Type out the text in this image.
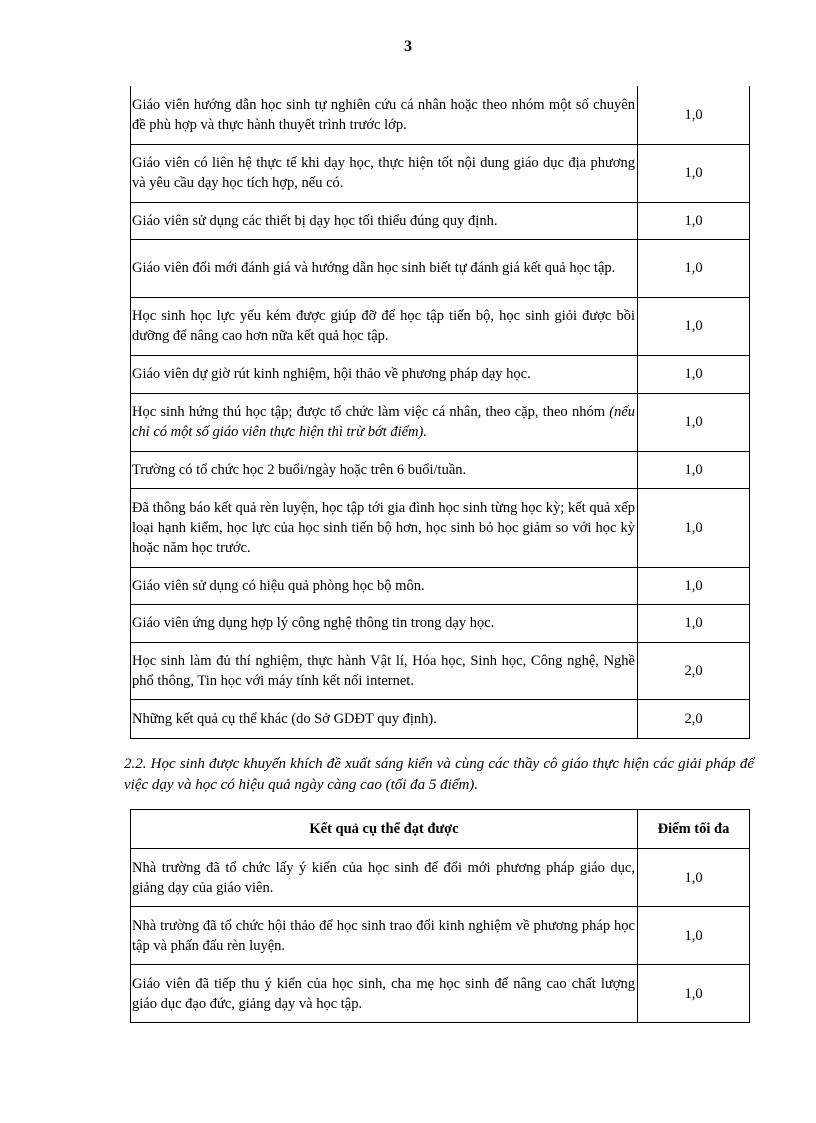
3
Giáo viên hướng dẫn học sinh tự nghiên cứu cá nhân hoặc theo nhóm một số chuyên đề phù hợp và thực hành thuyết trình trước lớp.	1,0
Giáo viên có liên hệ thực tế khi dạy học, thực hiện tốt nội dung giáo dục địa phương và yêu cầu dạy học tích hợp, nếu có.	1,0
Giáo viên sử dụng các thiết bị dạy học tối thiểu đúng quy định.	1,0
Giáo viên đổi mới đánh giá và hướng dẫn học sinh biết tự đánh giá kết quả học tập.	1,0
Học sinh học lực yếu kém được giúp đỡ để học tập tiến bộ, học sinh giỏi được bồi dưỡng để nâng cao hơn nữa kết quả học tập.	1,0
Giáo viên dự giờ rút kinh nghiệm, hội thảo về phương pháp dạy học.	1,0
Học sinh hứng thú học tập; được tổ chức làm việc cá nhân, theo cặp, theo nhóm (nếu chỉ có một số giáo viên thực hiện thì trừ bớt điểm).	1,0
Trường có tổ chức học 2 buổi/ngày hoặc trên 6 buổi/tuần.	1,0
Đã thông báo kết quả rèn luyện, học tập tới gia đình học sinh từng học kỳ; kết quả xếp loại hạnh kiểm, học lực của học sinh tiến bộ hơn, học sinh bỏ học giảm so với học kỳ hoặc năm học trước.	1,0
Giáo viên sử dụng có hiệu quả phòng học bộ môn.	1,0
Giáo viên ứng dụng hợp lý công nghệ thông tin trong dạy học.	1,0
Học sinh làm đủ thí nghiệm, thực hành Vật lí, Hóa học, Sinh học, Công nghệ, Nghề phổ thông, Tin học với máy tính kết nối internet.	2,0
Những kết quả cụ thể khác (do Sở GDĐT quy định).	2,0
2.2. Học sinh được khuyến khích đề xuất sáng kiến và cùng các thầy cô giáo thực hiện các giải pháp để việc dạy và học có hiệu quả ngày càng cao (tối đa 5 điểm).
Kết quả cụ thể đạt được	Điểm tối đa
Nhà trường đã tổ chức lấy ý kiến của học sinh để đổi mới phương pháp giáo dục, giảng dạy của giáo viên.	1,0
Nhà trường đã tổ chức hội thảo để học sinh trao đổi kinh nghiệm về phương pháp học tập và phấn đấu rèn luyện.	1,0
Giáo viên đã tiếp thu ý kiến của học sinh, cha mẹ học sinh để nâng cao chất lượng giáo dục đạo đức, giảng dạy và học tập.	1,0
